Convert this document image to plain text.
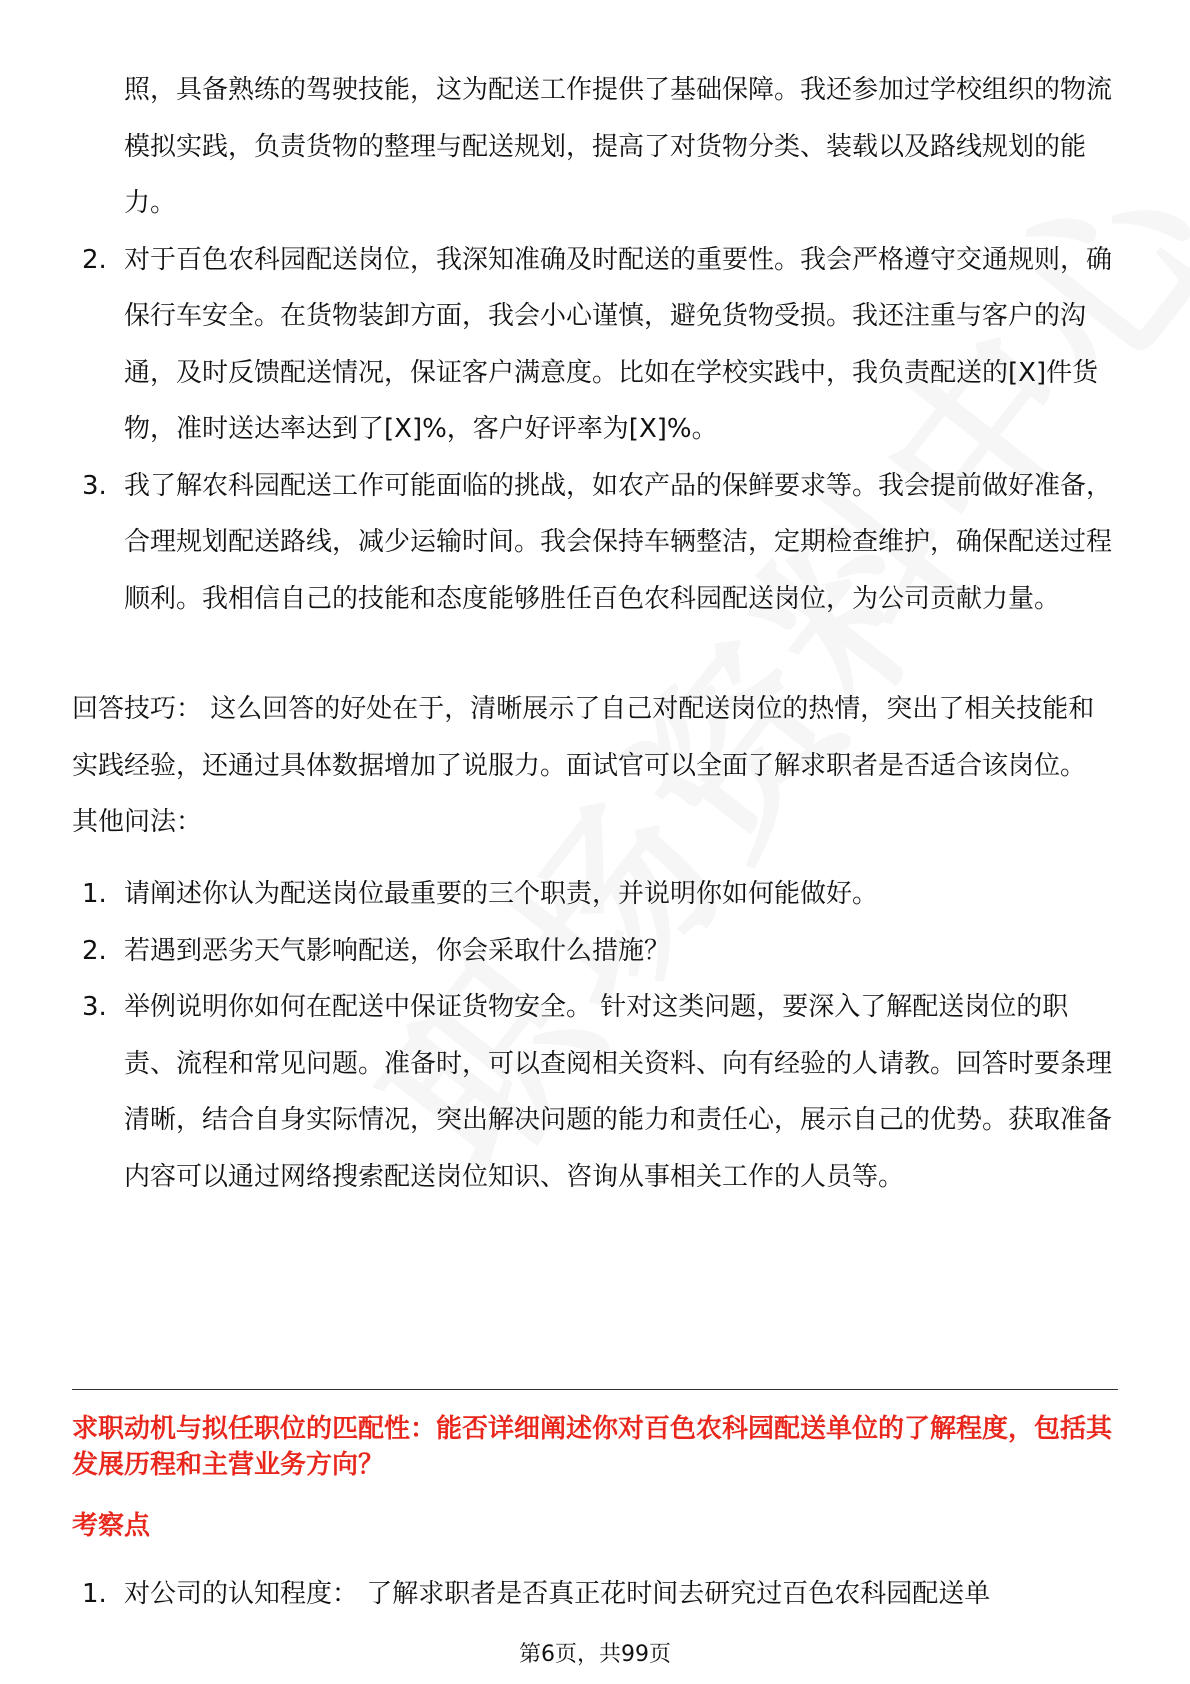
照，具备熟练的驾驶技能，这为配送工作提供了基础保障。我还参加过学校组织的物流模拟实践，负责货物的整理与配送规划，提高了对货物分类、装载以及路线规划的能力。
2. 对于百色农科园配送岗位，我深知准确及时配送的重要性。我会严格遵守交通规则，确保行车安全。在货物装卸方面，我会小心谨慎，避免货物受损。我还注重与客户的沟通，及时反馈配送情况，保证客户满意度。比如在学校实践中，我负责配送的[X]件货物，准时送达率达到了[X]%，客户好评率为[X]%。
3. 我了解农科园配送工作可能面临的挑战，如农产品的保鲜要求等。我会提前做好准备，合理规划配送路线，减少运输时间。我会保持车辆整洁，定期检查维护，确保配送过程顺利。我相信自己的技能和态度能够胜任百色农科园配送岗位，为公司贡献力量。
回答技巧： 这么回答的好处在于，清晰展示了自己对配送岗位的热情，突出了相关技能和实践经验，还通过具体数据增加了说服力。面试官可以全面了解求职者是否适合该岗位。 其他问法：
1. 请阐述你认为配送岗位最重要的三个职责，并说明你如何能做好。
2. 若遇到恶劣天气影响配送，你会采取什么措施？
3. 举例说明你如何在配送中保证货物安全。 针对这类问题，要深入了解配送岗位的职责、流程和常见问题。准备时，可以查阅相关资料、向有经验的人请教。回答时要条理清晰，结合自身实际情况，突出解决问题的能力和责任心，展示自己的优势。获取准备内容可以通过网络搜索配送岗位知识、咨询从事相关工作的人员等。
求职动机与拟任职位的匹配性：能否详细阐述你对百色农科园配送单位的了解程度，包括其发展历程和主营业务方向？
考察点
1. 对公司的认知程度： 了解求职者是否真正花时间去研究过百色农科园配送单
第6页，共99页
